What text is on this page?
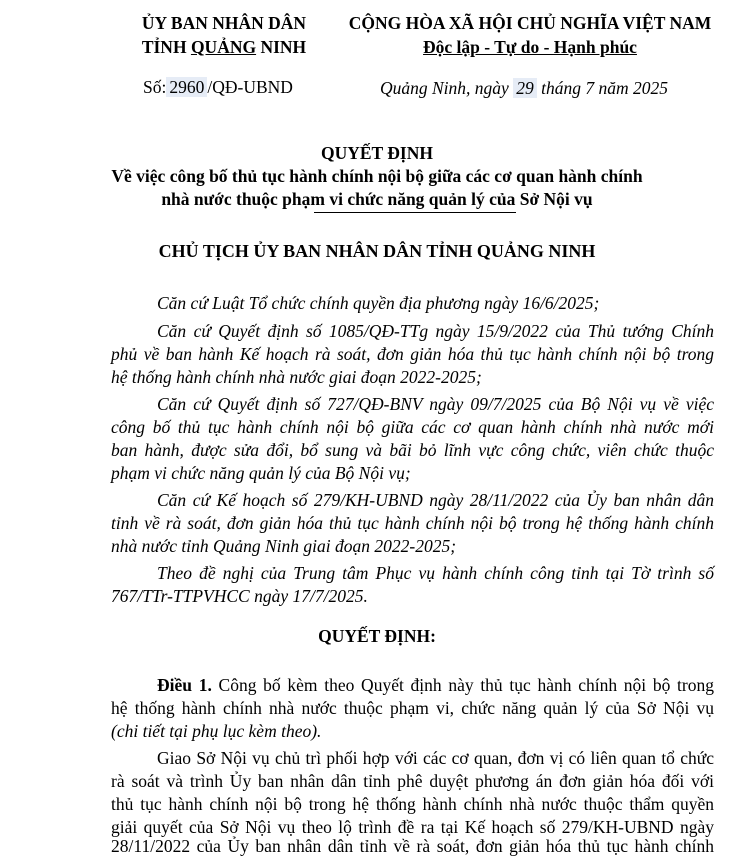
ỦY BAN NHÂN DÂN
TỈNH QUẢNG NINH
Số: 2960 /QĐ-UBND
CỘNG HÒA XÃ HỘI CHỦ NGHĨA VIỆT NAM
Độc lập - Tự do - Hạnh phúc
Quảng Ninh, ngày 29 tháng 7 năm 2025
QUYẾT ĐỊNH
Về việc công bố thủ tục hành chính nội bộ giữa các cơ quan hành chính
nhà nước thuộc phạm vi chức năng quản lý của Sở Nội vụ
CHỦ TỊCH ỦY BAN NHÂN DÂN TỈNH QUẢNG NINH
Căn cứ Luật Tổ chức chính quyền địa phương ngày 16/6/2025;
Căn cứ Quyết định số 1085/QĐ-TTg ngày 15/9/2022 của Thủ tướng Chính
phủ về ban hành Kế hoạch rà soát, đơn giản hóa thủ tục hành chính nội bộ trong
hệ thống hành chính nhà nước giai đoạn 2022-2025;
Căn cứ Quyết định số 727/QĐ-BNV ngày 09/7/2025 của Bộ Nội vụ về việc
công bố thủ tục hành chính nội bộ giữa các cơ quan hành chính nhà nước mới
ban hành, được sửa đổi, bổ sung và bãi bỏ lĩnh vực công chức, viên chức thuộc
phạm vi chức năng quản lý của Bộ Nội vụ;
Căn cứ Kế hoạch số 279/KH-UBND ngày 28/11/2022 của Ủy ban nhân dân
tỉnh về rà soát, đơn giản hóa thủ tục hành chính nội bộ trong hệ thống hành chính
nhà nước tỉnh Quảng Ninh giai đoạn 2022-2025;
Theo đề nghị của Trung tâm Phục vụ hành chính công tỉnh tại Tờ trình số
767/TTr-TTPVHCC ngày 17/7/2025.
QUYẾT ĐỊNH:
Điều 1. Công bố kèm theo Quyết định này thủ tục hành chính nội bộ trong
hệ thống hành chính nhà nước thuộc phạm vi, chức năng quản lý của Sở Nội vụ
(chi tiết tại phụ lục kèm theo).
Giao Sở Nội vụ chủ trì phối hợp với các cơ quan, đơn vị có liên quan tổ chức
rà soát và trình Ủy ban nhân dân tỉnh phê duyệt phương án đơn giản hóa đối với
thủ tục hành chính nội bộ trong hệ thống hành chính nhà nước thuộc thẩm quyền
giải quyết của Sở Nội vụ theo lộ trình đề ra tại Kế hoạch số 279/KH-UBND ngày
28/11/2022 của Ủy ban nhân dân tỉnh về rà soát, đơn giản hóa thủ tục hành chính
